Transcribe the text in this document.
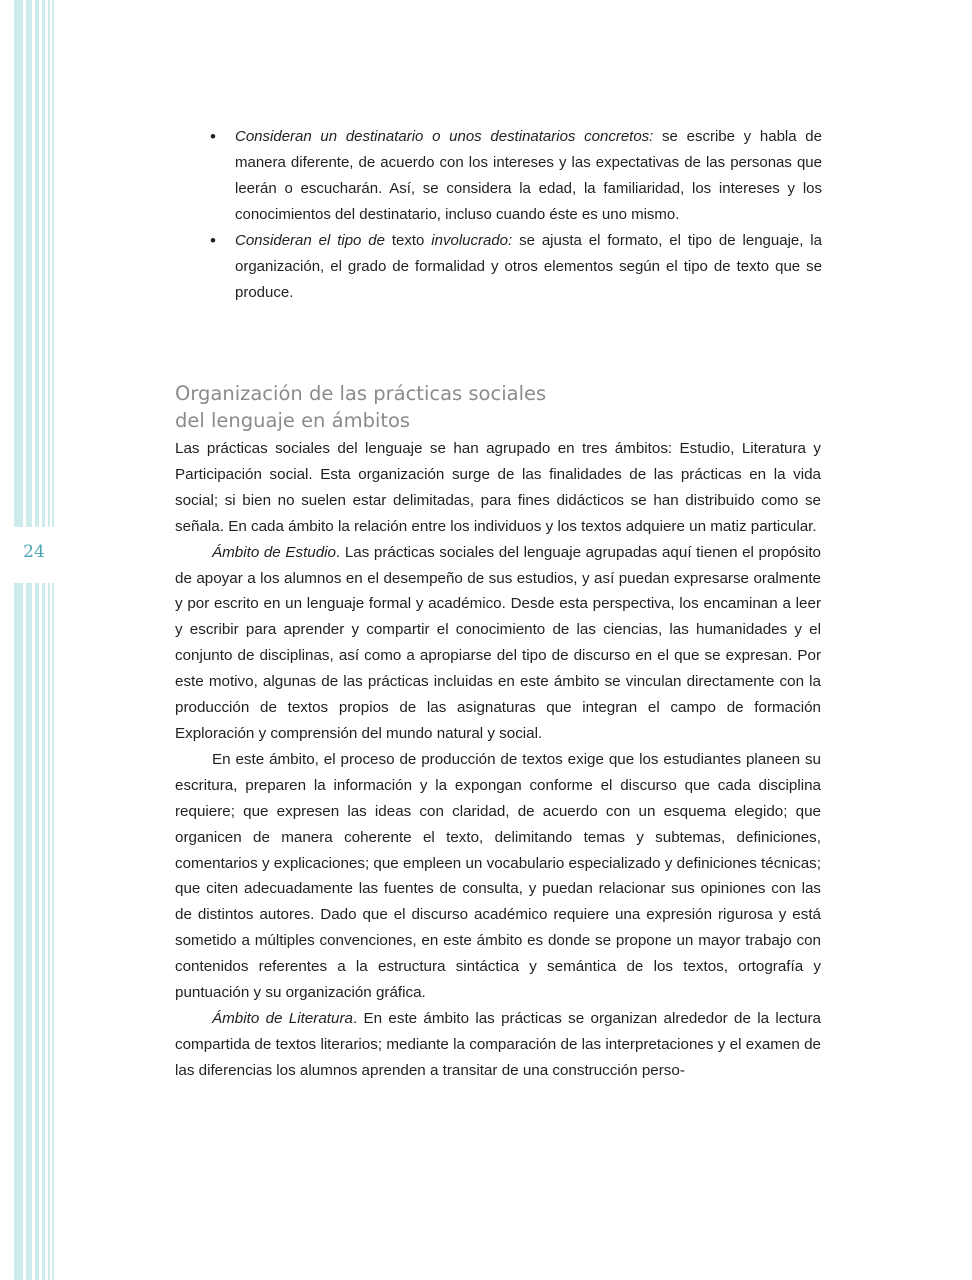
24
• Consideran un destinatario o unos destinatarios concretos: se escribe y habla de manera diferente, de acuerdo con los intereses y las expectativas de las personas que leerán o escucharán. Así, se considera la edad, la familiaridad, los intereses y los conocimientos del destinatario, incluso cuando éste es uno mismo.
• Consideran el tipo de texto involucrado: se ajusta el formato, el tipo de lenguaje, la organización, el grado de formalidad y otros elementos según el tipo de texto que se produce.
Organización de las prácticas sociales
del lenguaje en ámbitos

Las prácticas sociales del lenguaje se han agrupado en tres ámbitos: Estudio, Literatura y Participación social. Esta organización surge de las finalidades de las prácticas en la vida social; si bien no suelen estar delimitadas, para fines didácticos se han distribuido como se señala. En cada ámbito la relación entre los individuos y los textos adquiere un matiz particular.

Ámbito de Estudio. Las prácticas sociales del lenguaje agrupadas aquí tienen el propósito de apoyar a los alumnos en el desempeño de sus estudios, y así puedan expresarse oralmente y por escrito en un lenguaje formal y académico. Desde esta perspectiva, los encaminan a leer y escribir para aprender y compartir el conocimiento de las ciencias, las humanidades y el conjunto de disciplinas, así como a apropiarse del tipo de discurso en el que se expresan. Por este motivo, algunas de las prácticas incluidas en este ámbito se vinculan directamente con la producción de textos propios de las asignaturas que integran el campo de formación Exploración y comprensión del mundo natural y social.

En este ámbito, el proceso de producción de textos exige que los estudiantes planeen su escritura, preparen la información y la expongan conforme el discurso que cada disciplina requiere; que expresen las ideas con claridad, de acuerdo con un esquema elegido; que organicen de manera coherente el texto, delimitando temas y subtemas, definiciones, comentarios y explicaciones; que empleen un vocabulario especializado y definiciones técnicas; que citen adecuadamente las fuentes de consulta, y puedan relacionar sus opiniones con las de distintos autores. Dado que el discurso académico requiere una expresión rigurosa y está sometido a múltiples convenciones, en este ámbito es donde se propone un mayor trabajo con contenidos referentes a la estructura sintáctica y semántica de los textos, ortografía y puntuación y su organización gráfica.

Ámbito de Literatura. En este ámbito las prácticas se organizan alrededor de la lectura compartida de textos literarios; mediante la comparación de las interpretaciones y el examen de las diferencias los alumnos aprenden a transitar de una construcción perso-
